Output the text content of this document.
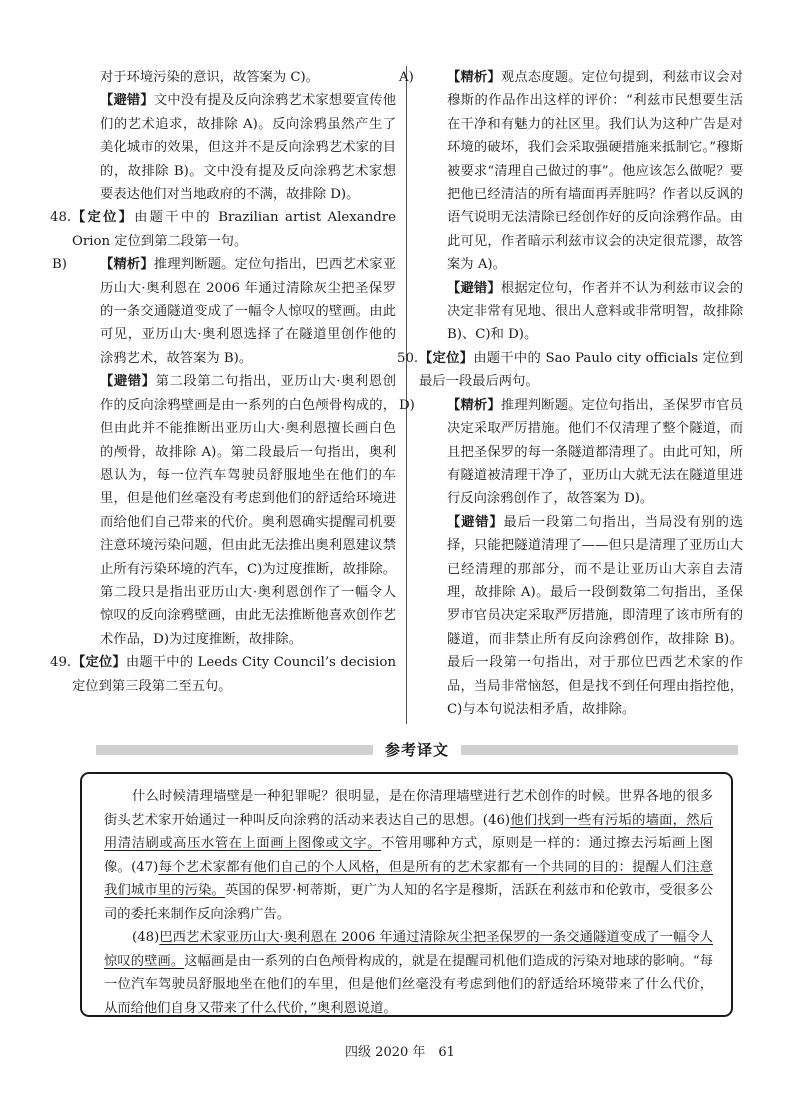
对于环境污染的意识，故答案为 C)。

【避错】文中没有提及反向涂鸦艺术家想要宣传他们的艺术追求，故排除 A)。反向涂鸦虽然产生了美化城市的效果，但这并不是反向涂鸦艺术家的目的，故排除 B)。文中没有提及反向涂鸦艺术家想要表达他们对当地政府的不满，故排除 D)。

48. 【定位】由题干中的 Brazilian artist Alexandre Orion 定位到第二段第一句。

B) 【精析】推理判断题。定位句指出，巴西艺术家亚历山大·奥利恩在 2006 年通过清除灰尘把圣保罗的一条交通隧道变成了一幅令人惊叹的壁画。由此可见，亚历山大·奥利恩选择了在隧道里创作他的涂鸦艺术，故答案为 B)。

【避错】第二段第二句指出，亚历山大·奥利恩创作的反向涂鸦壁画是由一系列的白色颅骨构成的，但由此并不能推断出亚历山大·奥利恩擅长画白色的颅骨，故排除 A)。第二段最后一句指出，奥利恩认为，每一位汽车驾驶员舒服地坐在他们的车里，但是他们丝毫没有考虑到他们的舒适给环境进而给他们自己带来的代价。奥利恩确实提醒司机要注意环境污染问题，但由此无法推出奥利恩建议禁止所有污染环境的汽车，C)为过度推断，故排除。第二段只是指出亚历山大·奥利恩创作了一幅令人惊叹的反向涂鸦壁画，由此无法推断他喜欢创作艺术作品，D)为过度推断，故排除。

49. 【定位】由题干中的 Leeds City Council’s decision 定位到第三段第二至五句。

A) 【精析】观点态度题。定位句提到，利兹市议会对穆斯的作品作出这样的评价：“利兹市民想要生活在干净和有魅力的社区里。我们认为这种广告是对环境的破坏，我们会采取强硬措施来抵制它。”穆斯被要求“清理自己做过的事”。他应该怎么做呢？要把他已经清洁的所有墙面再弄脏吗？作者以反讽的语气说明无法清除已经创作好的反向涂鸦作品。由此可见，作者暗示利兹市议会的决定很荒谬，故答案为 A)。

【避错】根据定位句，作者并不认为利兹市议会的决定非常有见地、很出人意料或非常明智，故排除 B)、C)和 D)。

50. 【定位】由题干中的 Sao Paulo city officials 定位到最后一段最后两句。

D) 【精析】推理判断题。定位句指出，圣保罗市官员决定采取严厉措施。他们不仅清理了整个隧道，而且把圣保罗的每一条隧道都清理了。由此可知，所有隧道被清理干净了，亚历山大就无法在隧道里进行反向涂鸦创作了，故答案为 D)。

【避错】最后一段第二句指出，当局没有别的选择，只能把隧道清理了——但只是清理了亚历山大已经清理的那部分，而不是让亚历山大亲自去清理，故排除 A)。最后一段倒数第二句指出，圣保罗市官员决定采取严厉措施，即清理了该市所有的隧道，而非禁止所有反向涂鸦创作，故排除 B)。最后一段第一句指出，对于那位巴西艺术家的作品，当局非常恼怒，但是找不到任何理由指控他，C)与本句说法相矛盾，故排除。

参考译文

什么时候清理墙壁是一种犯罪呢？很明显，是在你清理墙壁进行艺术创作的时候。世界各地的很多街头艺术家开始通过一种叫反向涂鸦的活动来表达自己的思想。(46)他们找到一些有污垢的墙面，然后用清洁刷或高压水管在上面画上图像或文字。不管用哪种方式，原则是一样的：通过擦去污垢画上图像。(47)每个艺术家都有他们自己的个人风格，但是所有的艺术家都有一个共同的目的：提醒人们注意我们城市里的污染。英国的保罗·柯蒂斯，更广为人知的名字是穆斯，活跃在利兹市和伦敦市，受很多公司的委托来制作反向涂鸦广告。

(48)巴西艺术家亚历山大·奥利恩在 2006 年通过清除灰尘把圣保罗的一条交通隧道变成了一幅令人惊叹的壁画。这幅画是由一系列的白色颅骨构成的，就是在提醒司机他们造成的污染对地球的影响。“每一位汽车驾驶员舒服地坐在他们的车里，但是他们丝毫没有考虑到他们的舒适给环境带来了什么代价，从而给他们自身又带来了什么代价，”奥利恩说道。

四级 2020 年　61
